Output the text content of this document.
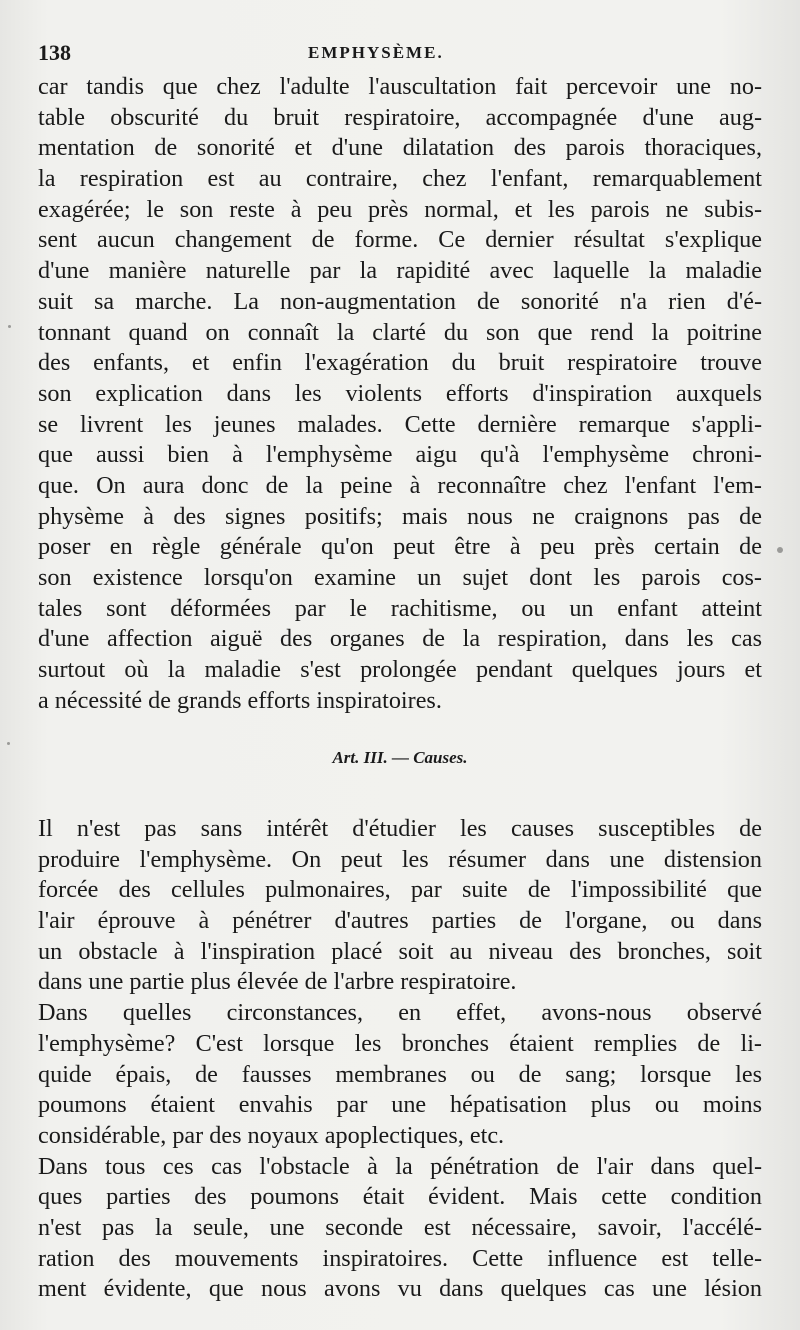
138	EMPHYSÈME.
car tandis que chez l'adulte l'auscultation fait percevoir une no-
table obscurité du bruit respiratoire, accompagnée d'une aug-
mentation de sonorité et d'une dilatation des parois thoraciques,
la respiration est au contraire, chez l'enfant, remarquablement
exagérée; le son reste à peu près normal, et les parois ne subis-
sent aucun changement de forme. Ce dernier résultat s'explique
d'une manière naturelle par la rapidité avec laquelle la maladie
suit sa marche. La non-augmentation de sonorité n'a rien d'é-
tonnant quand on connaît la clarté du son que rend la poitrine
des enfants, et enfin l'exagération du bruit respiratoire trouve
son explication dans les violents efforts d'inspiration auxquels
se livrent les jeunes malades. Cette dernière remarque s'appli-
que aussi bien à l'emphysème aigu qu'à l'emphysème chroni-
que. On aura donc de la peine à reconnaître chez l'enfant l'em-
physème à des signes positifs; mais nous ne craignons pas de
poser en règle générale qu'on peut être à peu près certain de
son existence lorsqu'on examine un sujet dont les parois cos-
tales sont déformées par le rachitisme, ou un enfant atteint
d'une affection aiguë des organes de la respiration, dans les cas
surtout où la maladie s'est prolongée pendant quelques jours et
a nécessité de grands efforts inspiratoires.
Art. III. — Causes.
Il n'est pas sans intérêt d'étudier les causes susceptibles de
produire l'emphysème. On peut les résumer dans une distension
forcée des cellules pulmonaires, par suite de l'impossibilité que
l'air éprouve à pénétrer d'autres parties de l'organe, ou dans
un obstacle à l'inspiration placé soit au niveau des bronches, soit
dans une partie plus élevée de l'arbre respiratoire.
Dans quelles circonstances, en effet, avons-nous observé
l'emphysème? C'est lorsque les bronches étaient remplies de li-
quide épais, de fausses membranes ou de sang; lorsque les
poumons étaient envahis par une hépatisation plus ou moins
considérable, par des noyaux apoplectiques, etc.
Dans tous ces cas l'obstacle à la pénétration de l'air dans quel-
ques parties des poumons était évident. Mais cette condition
n'est pas la seule, une seconde est nécessaire, savoir, l'accélé-
ration des mouvements inspiratoires. Cette influence est telle-
ment évidente, que nous avons vu dans quelques cas une lésion
